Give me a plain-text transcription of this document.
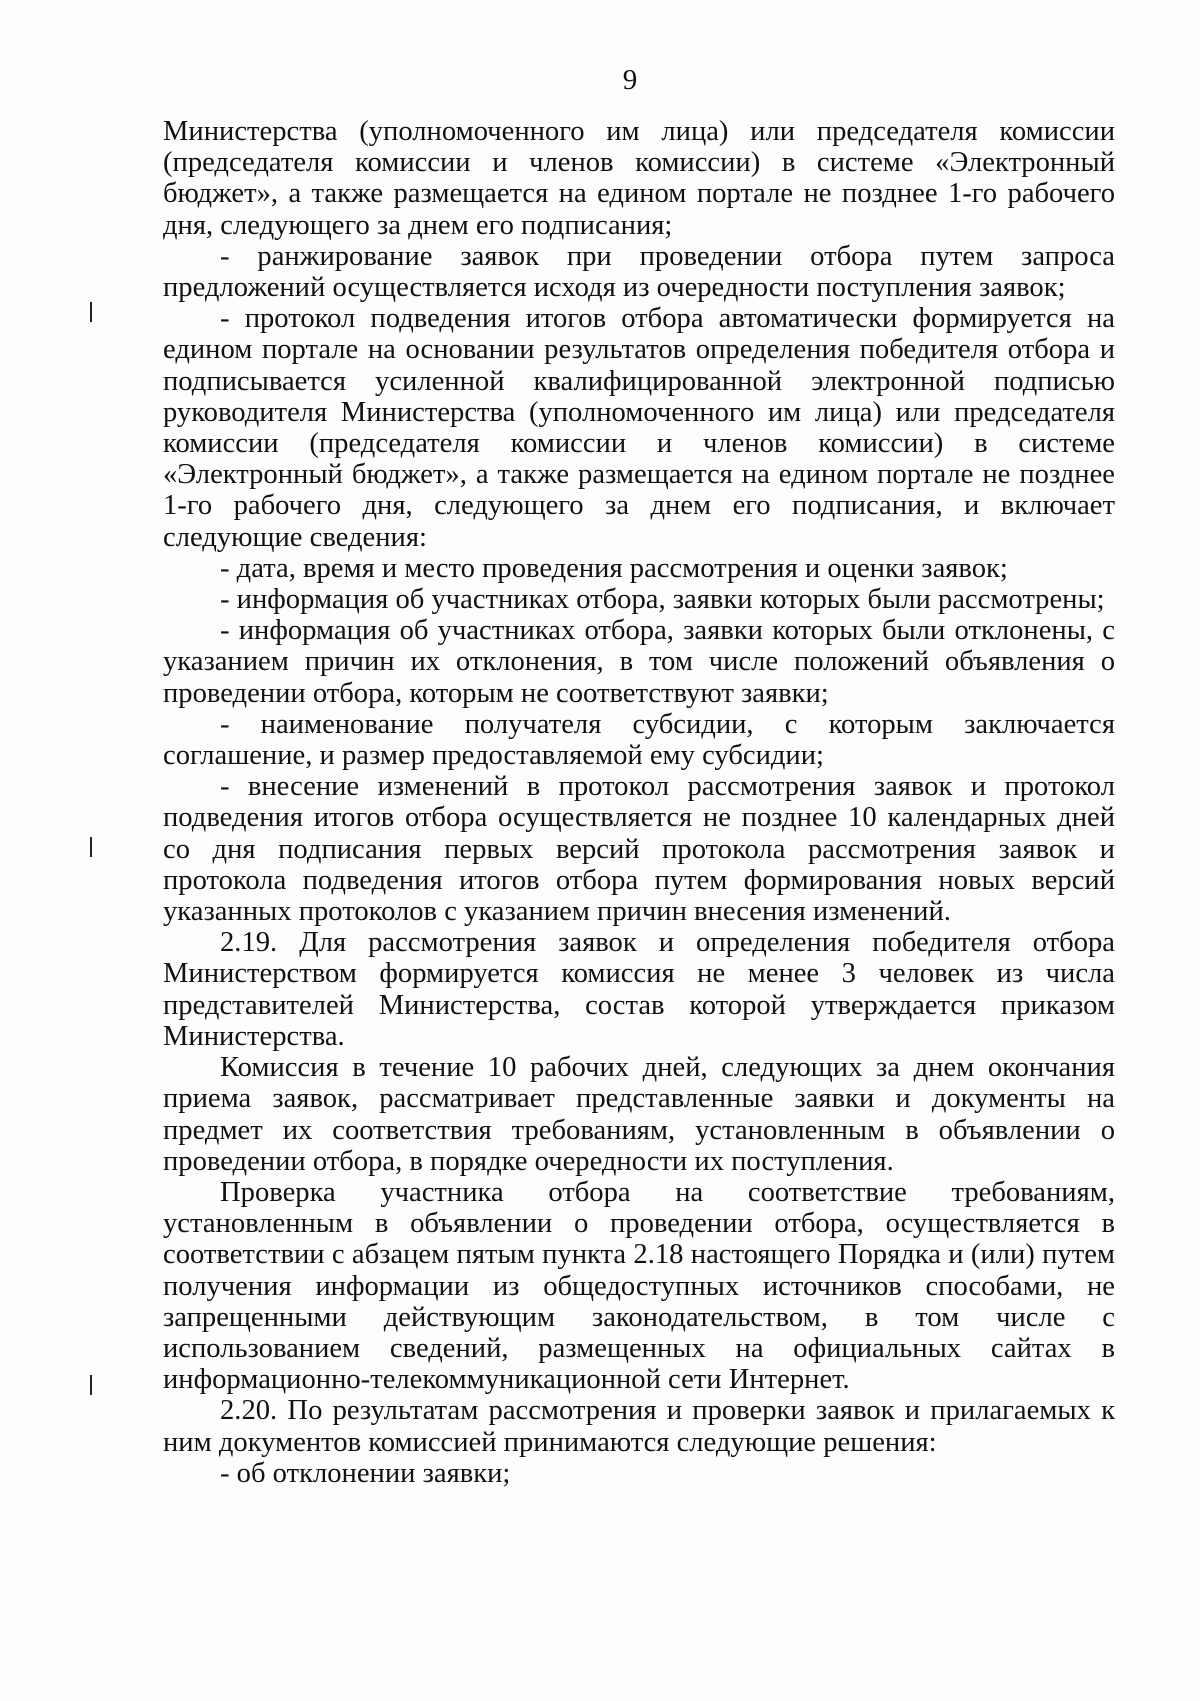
9

Министерства (уполномоченного им лица) или председателя комиссии (председателя комиссии и членов комиссии) в системе «Электронный бюджет», а также размещается на едином портале не позднее 1-го рабочего дня, следующего за днем его подписания;

- ранжирование заявок при проведении отбора путем запроса предложений осуществляется исходя из очередности поступления заявок;

- протокол подведения итогов отбора автоматически формируется на едином портале на основании результатов определения победителя отбора и подписывается усиленной квалифицированной электронной подписью руководителя Министерства (уполномоченного им лица) или председателя комиссии (председателя комиссии и членов комиссии) в системе «Электронный бюджет», а также размещается на едином портале не позднее 1-го рабочего дня, следующего за днем его подписания, и включает следующие сведения:

- дата, время и место проведения рассмотрения и оценки заявок;

- информация об участниках отбора, заявки которых были рассмотрены;

- информация об участниках отбора, заявки которых были отклонены, с указанием причин их отклонения, в том числе положений объявления о проведении отбора, которым не соответствуют заявки;

- наименование получателя субсидии, с которым заключается соглашение, и размер предоставляемой ему субсидии;

- внесение изменений в протокол рассмотрения заявок и протокол подведения итогов отбора осуществляется не позднее 10 календарных дней со дня подписания первых версий протокола рассмотрения заявок и протокола подведения итогов отбора путем формирования новых версий указанных протоколов с указанием причин внесения изменений.

2.19. Для рассмотрения заявок и определения победителя отбора Министерством формируется комиссия не менее 3 человек из числа представителей Министерства, состав которой утверждается приказом Министерства.

Комиссия в течение 10 рабочих дней, следующих за днем окончания приема заявок, рассматривает представленные заявки и документы на предмет их соответствия требованиям, установленным в объявлении о проведении отбора, в порядке очередности их поступления.

Проверка участника отбора на соответствие требованиям, установленным в объявлении о проведении отбора, осуществляется в соответствии с абзацем пятым пункта 2.18 настоящего Порядка и (или) путем получения информации из общедоступных источников способами, не запрещенными действующим законодательством, в том числе с использованием сведений, размещенных на официальных сайтах в информационно-телекоммуникационной сети Интернет.

2.20. По результатам рассмотрения и проверки заявок и прилагаемых к ним документов комиссией принимаются следующие решения:

- об отклонении заявки;
